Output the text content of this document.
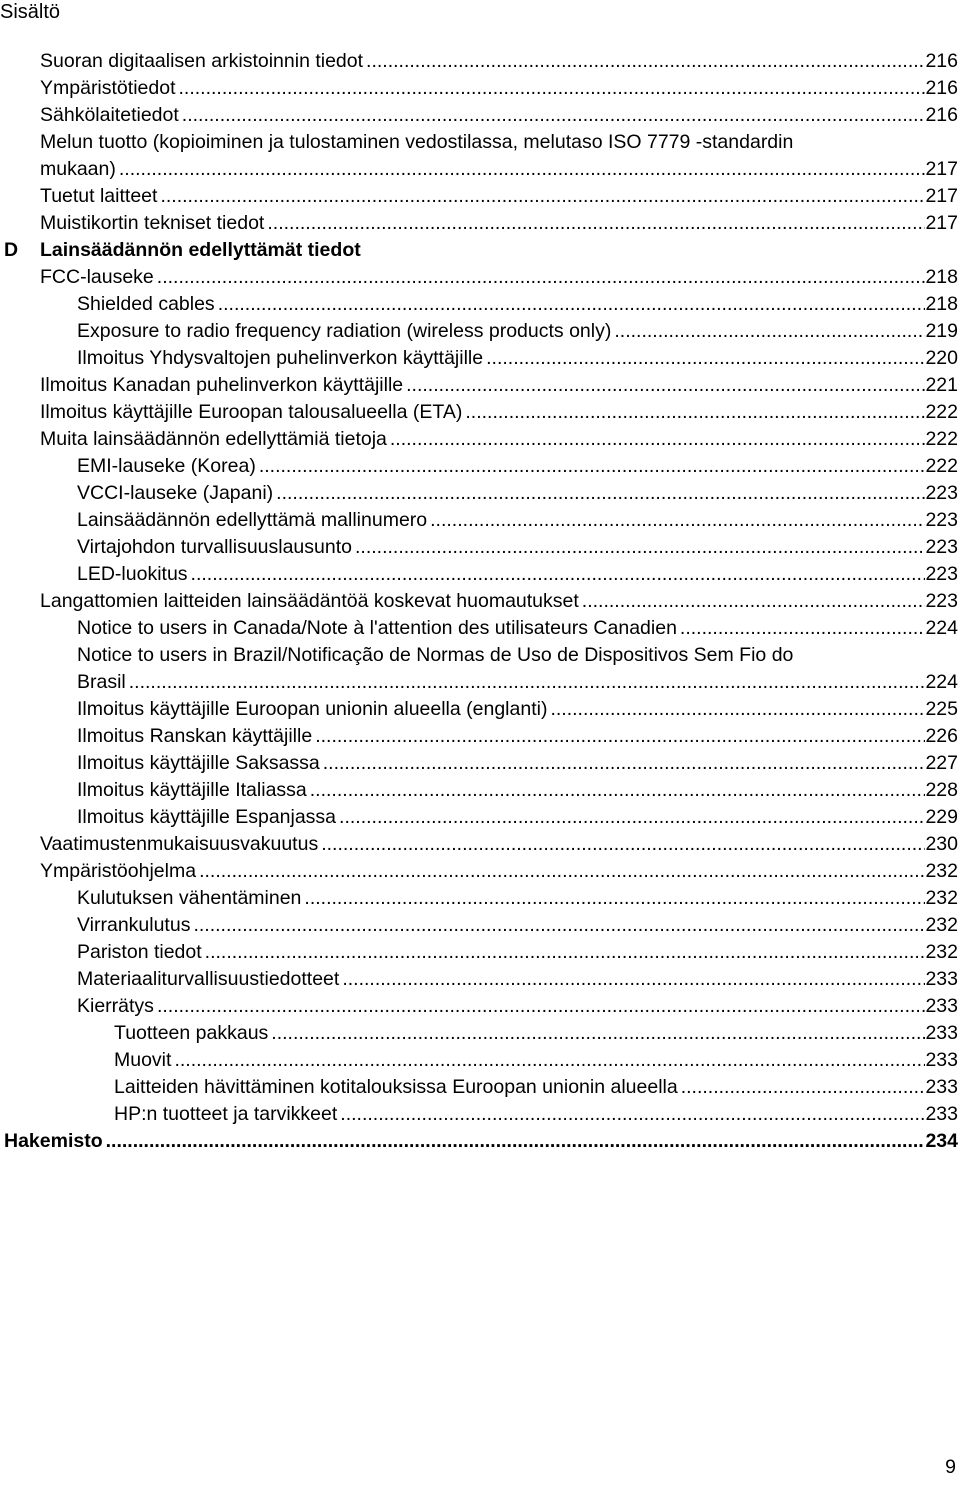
Sisältö
Suoran digitaalisen arkistoinnin tiedot .....	216
Ympäristötiedot .....	216
Sähkölaitetiedot .....	216
Melun tuotto (kopioiminen ja tulostaminen vedostilassa, melutaso ISO 7779 -standardin
mukaan) .....	217
Tuetut laitteet .....	217
Muistikortin tekniset tiedot .....	217
D Lainsäädännön edellyttämät tiedot
FCC-lauseke .....	218
Shielded cables .....	218
Exposure to radio frequency radiation (wireless products only) .....	219
Ilmoitus Yhdysvaltojen puhelinverkon käyttäjille .....	220
Ilmoitus Kanadan puhelinverkon käyttäjille .....	221
Ilmoitus käyttäjille Euroopan talousalueella (ETA) .....	222
Muita lainsäädännön edellyttämiä tietoja .....	222
EMI-lauseke (Korea) .....	222
VCCI-lauseke (Japani) .....	223
Lainsäädännön edellyttämä mallinumero .....	223
Virtajohdon turvallisuuslausunto .....	223
LED-luokitus .....	223
Langattomien laitteiden lainsäädäntöä koskevat huomautukset .....	223
Notice to users in Canada/Note à l'attention des utilisateurs Canadien .....	224
Notice to users in Brazil/Notificação de Normas de Uso de Dispositivos Sem Fio do
Brasil .....	224
Ilmoitus käyttäjille Euroopan unionin alueella (englanti) .....	225
Ilmoitus Ranskan käyttäjille .....	226
Ilmoitus käyttäjille Saksassa .....	227
Ilmoitus käyttäjille Italiassa .....	228
Ilmoitus käyttäjille Espanjassa .....	229
Vaatimustenmukaisuusvakuutus .....	230
Ympäristöohjelma .....	232
Kulutuksen vähentäminen .....	232
Virrankulutus .....	232
Pariston tiedot .....	232
Materiaaliturvallisuustiedotteet .....	233
Kierrätys .....	233
Tuotteen pakkaus .....	233
Muovit .....	233
Laitteiden hävittäminen kotitalouksissa Euroopan unionin alueella .....	233
HP:n tuotteet ja tarvikkeet .....	233
Hakemisto .....	234
9
